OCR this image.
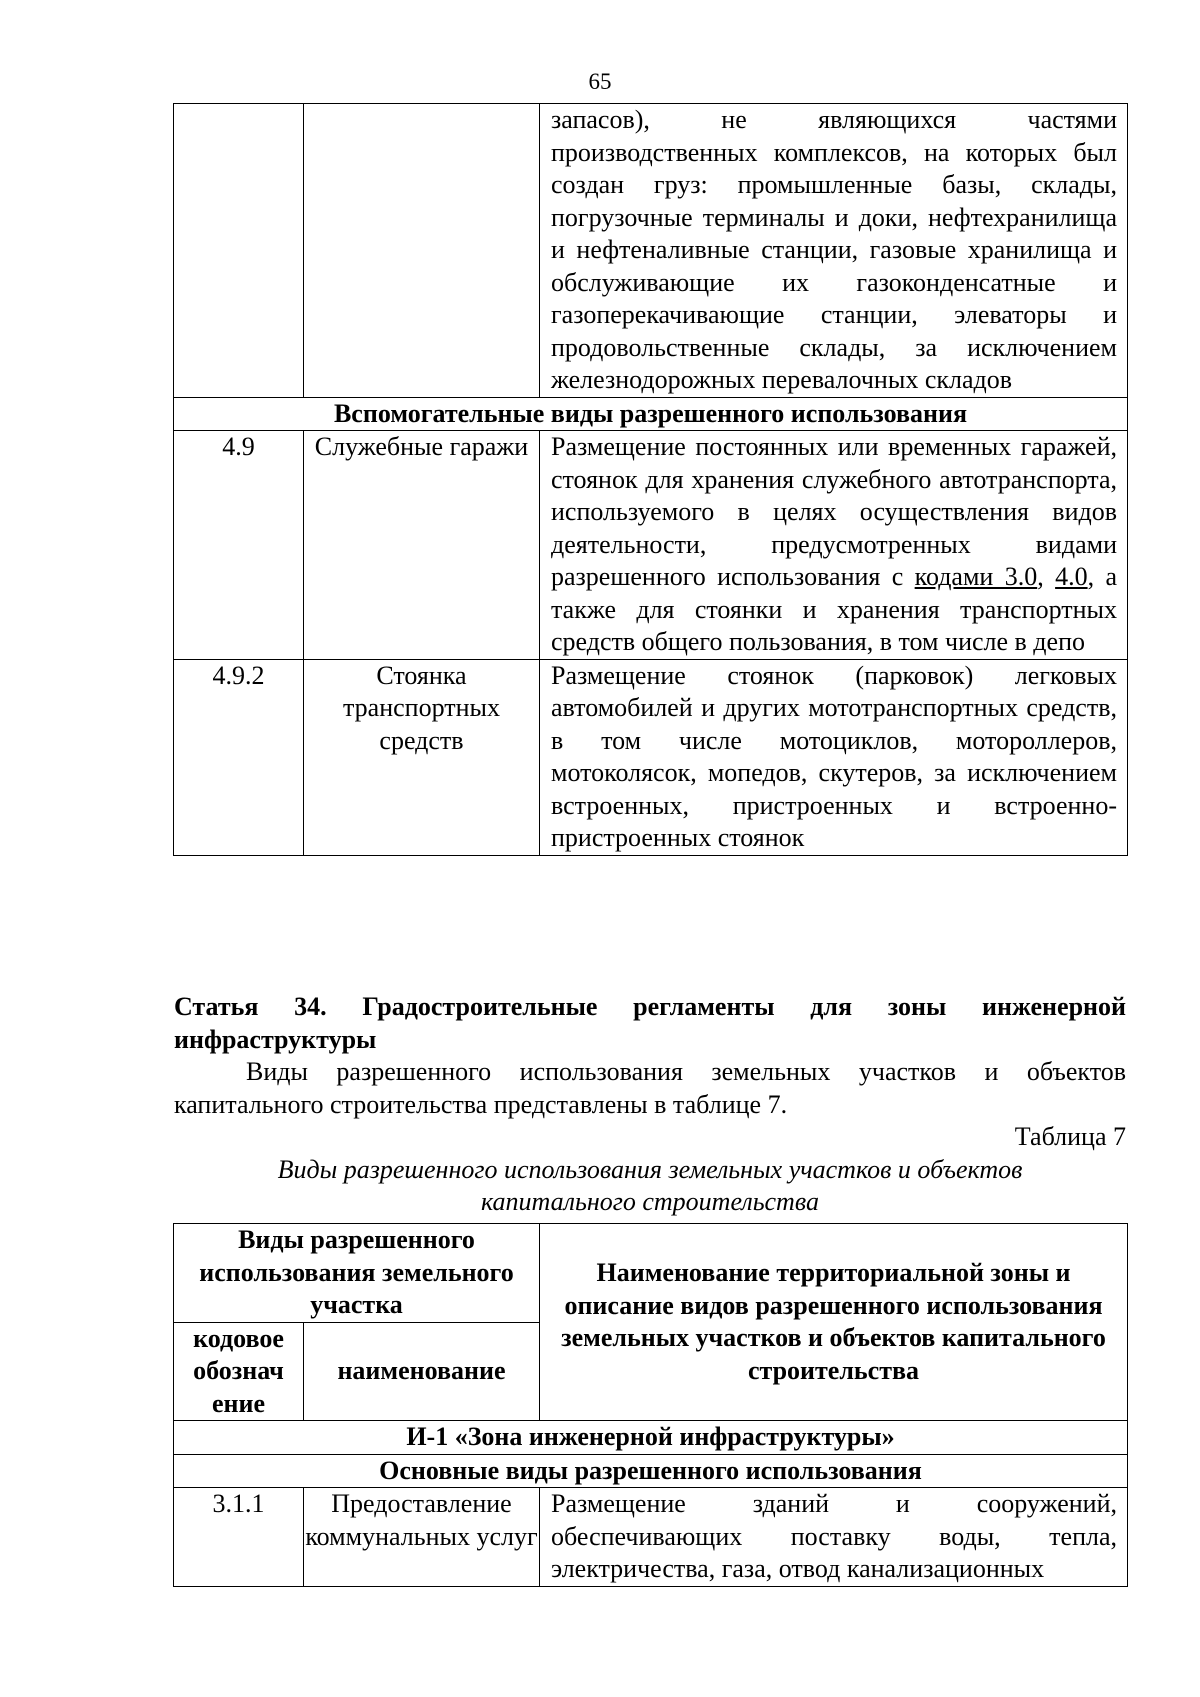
65
		запасов), не являющихся частями производственных комплексов, на которых был создан груз: промышленные базы, склады, погрузочные терминалы и доки, нефтехранилища и нефтеналивные станции, газовые хранилища и обслуживающие их газоконденсатные и газоперекачивающие станции, элеваторы и продовольственные склады, за исключением железнодорожных перевалочных складов
Вспомогательные виды разрешенного использования		
4.9	Служебные гаражи	Размещение постоянных или временных гаражей, стоянок для хранения служебного автотранспорта, используемого в целях осуществления видов деятельности, предусмотренных видами разрешенного использования с кодами 3.0, 4.0, а также для стоянки и хранения транспортных средств общего пользования, в том числе в депо
4.9.2	Стоянка транспортных средств	Размещение стоянок (парковок) легковых автомобилей и других мототранспортных средств, в том числе мотоциклов, мотороллеров, мотоколясок, мопедов, скутеров, за исключением встроенных, пристроенных и встроенно-пристроенных стоянок
Статья 34. Градостроительные регламенты для зоны инженерной инфраструктуры
Виды разрешенного использования земельных участков и объектов капитального строительства представлены в таблице 7.
Таблица 7
Виды разрешенного использования земельных участков и объектов капитального строительства
Виды разрешенного использования земельного участка		Наименование территориальной зоны и описание видов разрешенного использования земельных участков и объектов капитального строительства
кодовое обознач ение	наименование	
И-1 «Зона инженерной инфраструктуры»		
Основные виды разрешенного использования		
3.1.1	Предоставление коммунальных услуг	Размещение зданий и сооружений, обеспечивающих поставку воды, тепла, электричества, газа, отвод канализационных
